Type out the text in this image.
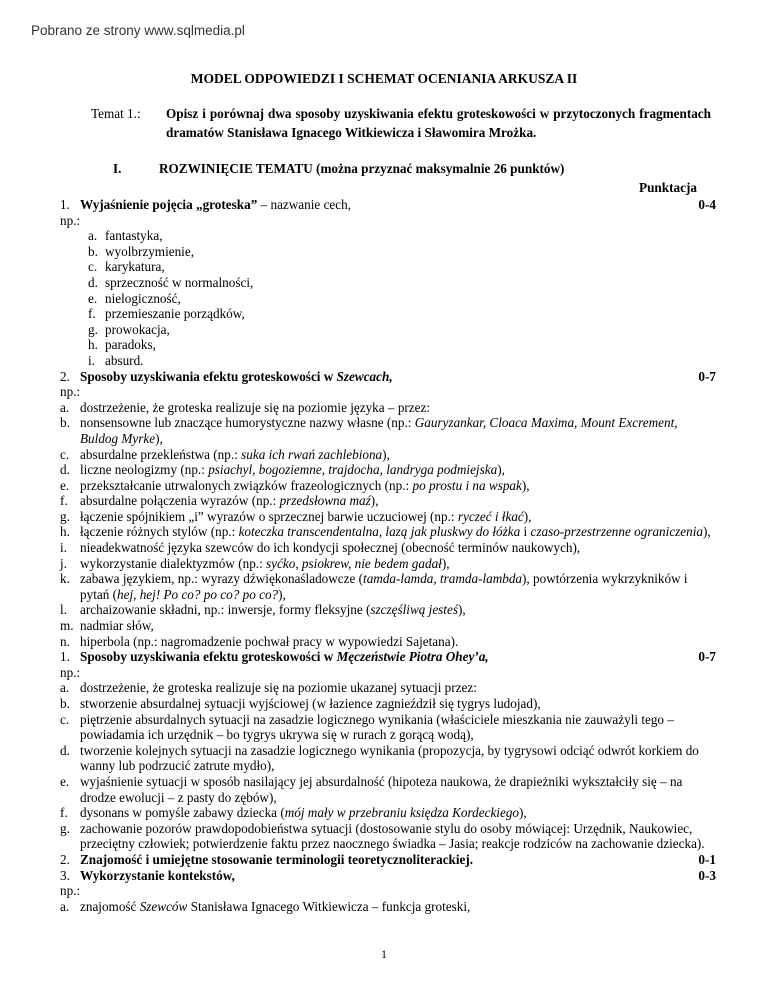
Pobrano ze strony www.sqlmedia.pl
MODEL ODPOWIEDZI I SCHEMAT OCENIANIA ARKUSZA II
Temat 1.: Opisz i porównaj dwa sposoby uzyskiwania efektu groteskowości w przytoczonych fragmentach dramatów Stanisława Ignacego Witkiewicza i Sławomira Mrożka.
I.	ROZWINIĘCIE TEMATU (można przyznać maksymalnie 26 punktów)
Punktacja
1. Wyjaśnienie pojęcia „groteska” – nazwanie cech,	0-4
np.:
a. fantastyka,
b. wyolbrzymienie,
c. karykatura,
d. sprzeczność w normalności,
e. nielogiczność,
f. przemieszanie porządków,
g. prowokacja,
h. paradoks,
i. absurd.
2. Sposoby uzyskiwania efektu groteskowości w Szewcach,	0-7
np.:
a. dostrzeżenie, że groteska realizuje się na poziomie języka – przez:
b. nonsensowne lub znaczące humorystyczne nazwy własne (np.: Gauryzankar, Cloaca Maxima, Mount Excrement, Buldog Myrke),
c. absurdalne przekleństwa (np.: suka ich rwań zachlebiona),
d. liczne neologizmy (np.: psiachyl, bogoziemne, trajdocha, landryga podmiejska),
e. przekształcanie utrwalonych związków frazeologicznych (np.: po prostu i na wspak),
f. absurdalne połączenia wyrazów (np.: przedsłowna maź),
g. łączenie spójnikiem „i” wyrazów o sprzecznej barwie uczuciowej (np.: ryczeć i łkać),
h. łączenie różnych stylów (np.: koteczka transcendentalna, lazą jak pluskwy do łóżka i czaso-przestrzenne ograniczenia),
i. nieadekwatność języka szewców do ich kondycji społecznej (obecność terminów naukowych),
j. wykorzystanie dialektyzmów (np.: syćko, psiokrew, nie bedem gadał),
k. zabawa językiem, np.: wyrazy dźwiękonaśladowcze (tamda-lamda, tramda-lambda), powtórzenia wykrzykników i pytań (hej, hej! Po co? po co? po co?),
l. archaizowanie składni, np.: inwersje, formy fleksyjne (szczęśliwą jesteś),
m. nadmiar słów,
n. hiperbola (np.: nagromadzenie pochwał pracy w wypowiedzi Sajetana).
1. Sposoby uzyskiwania efektu groteskowości w Męczeństwie Piotra Ohey’a,	0-7
np.:
a. dostrzeżenie, że groteska realizuje się na poziomie ukazanej sytuacji przez:
b. stworzenie absurdalnej sytuacji wyjściowej (w łazience zagnieździł się tygrys ludojad),
c. piętrzenie absurdalnych sytuacji na zasadzie logicznego wynikania (właściciele mieszkania nie zauważyli tego – powiadamia ich urzędnik – bo tygrys ukrywa się w rurach z gorącą wodą),
d. tworzenie kolejnych sytuacji na zasadzie logicznego wynikania (propozycja, by tygrysowi odciąć odwrót korkiem do wanny lub podrzucić zatrute mydło),
e. wyjaśnienie sytuacji w sposób nasilający jej absurdalność (hipoteza naukowa, że drapieżniki wykształciły się – na drodze ewolucji – z pasty do zębów),
f. dysonans w pomyśle zabawy dziecka (mój mały w przebraniu księdza Kordeckiego),
g. zachowanie pozorów prawdopodobieństwa sytuacji (dostosowanie stylu do osoby mówiącej: Urzędnik, Naukowiec, przeciętny człowiek; potwierdzenie faktu przez naocznego świadka – Jasia; reakcje rodziców na zachowanie dziecka).
2. Znajomość i umiejętne stosowanie terminologii teoretycznoliterackiej.	0-1
3. Wykorzystanie kontekstów,	0-3
np.:
a. znajomość Szewców Stanisława Ignacego Witkiewicza – funkcja groteski,
1
